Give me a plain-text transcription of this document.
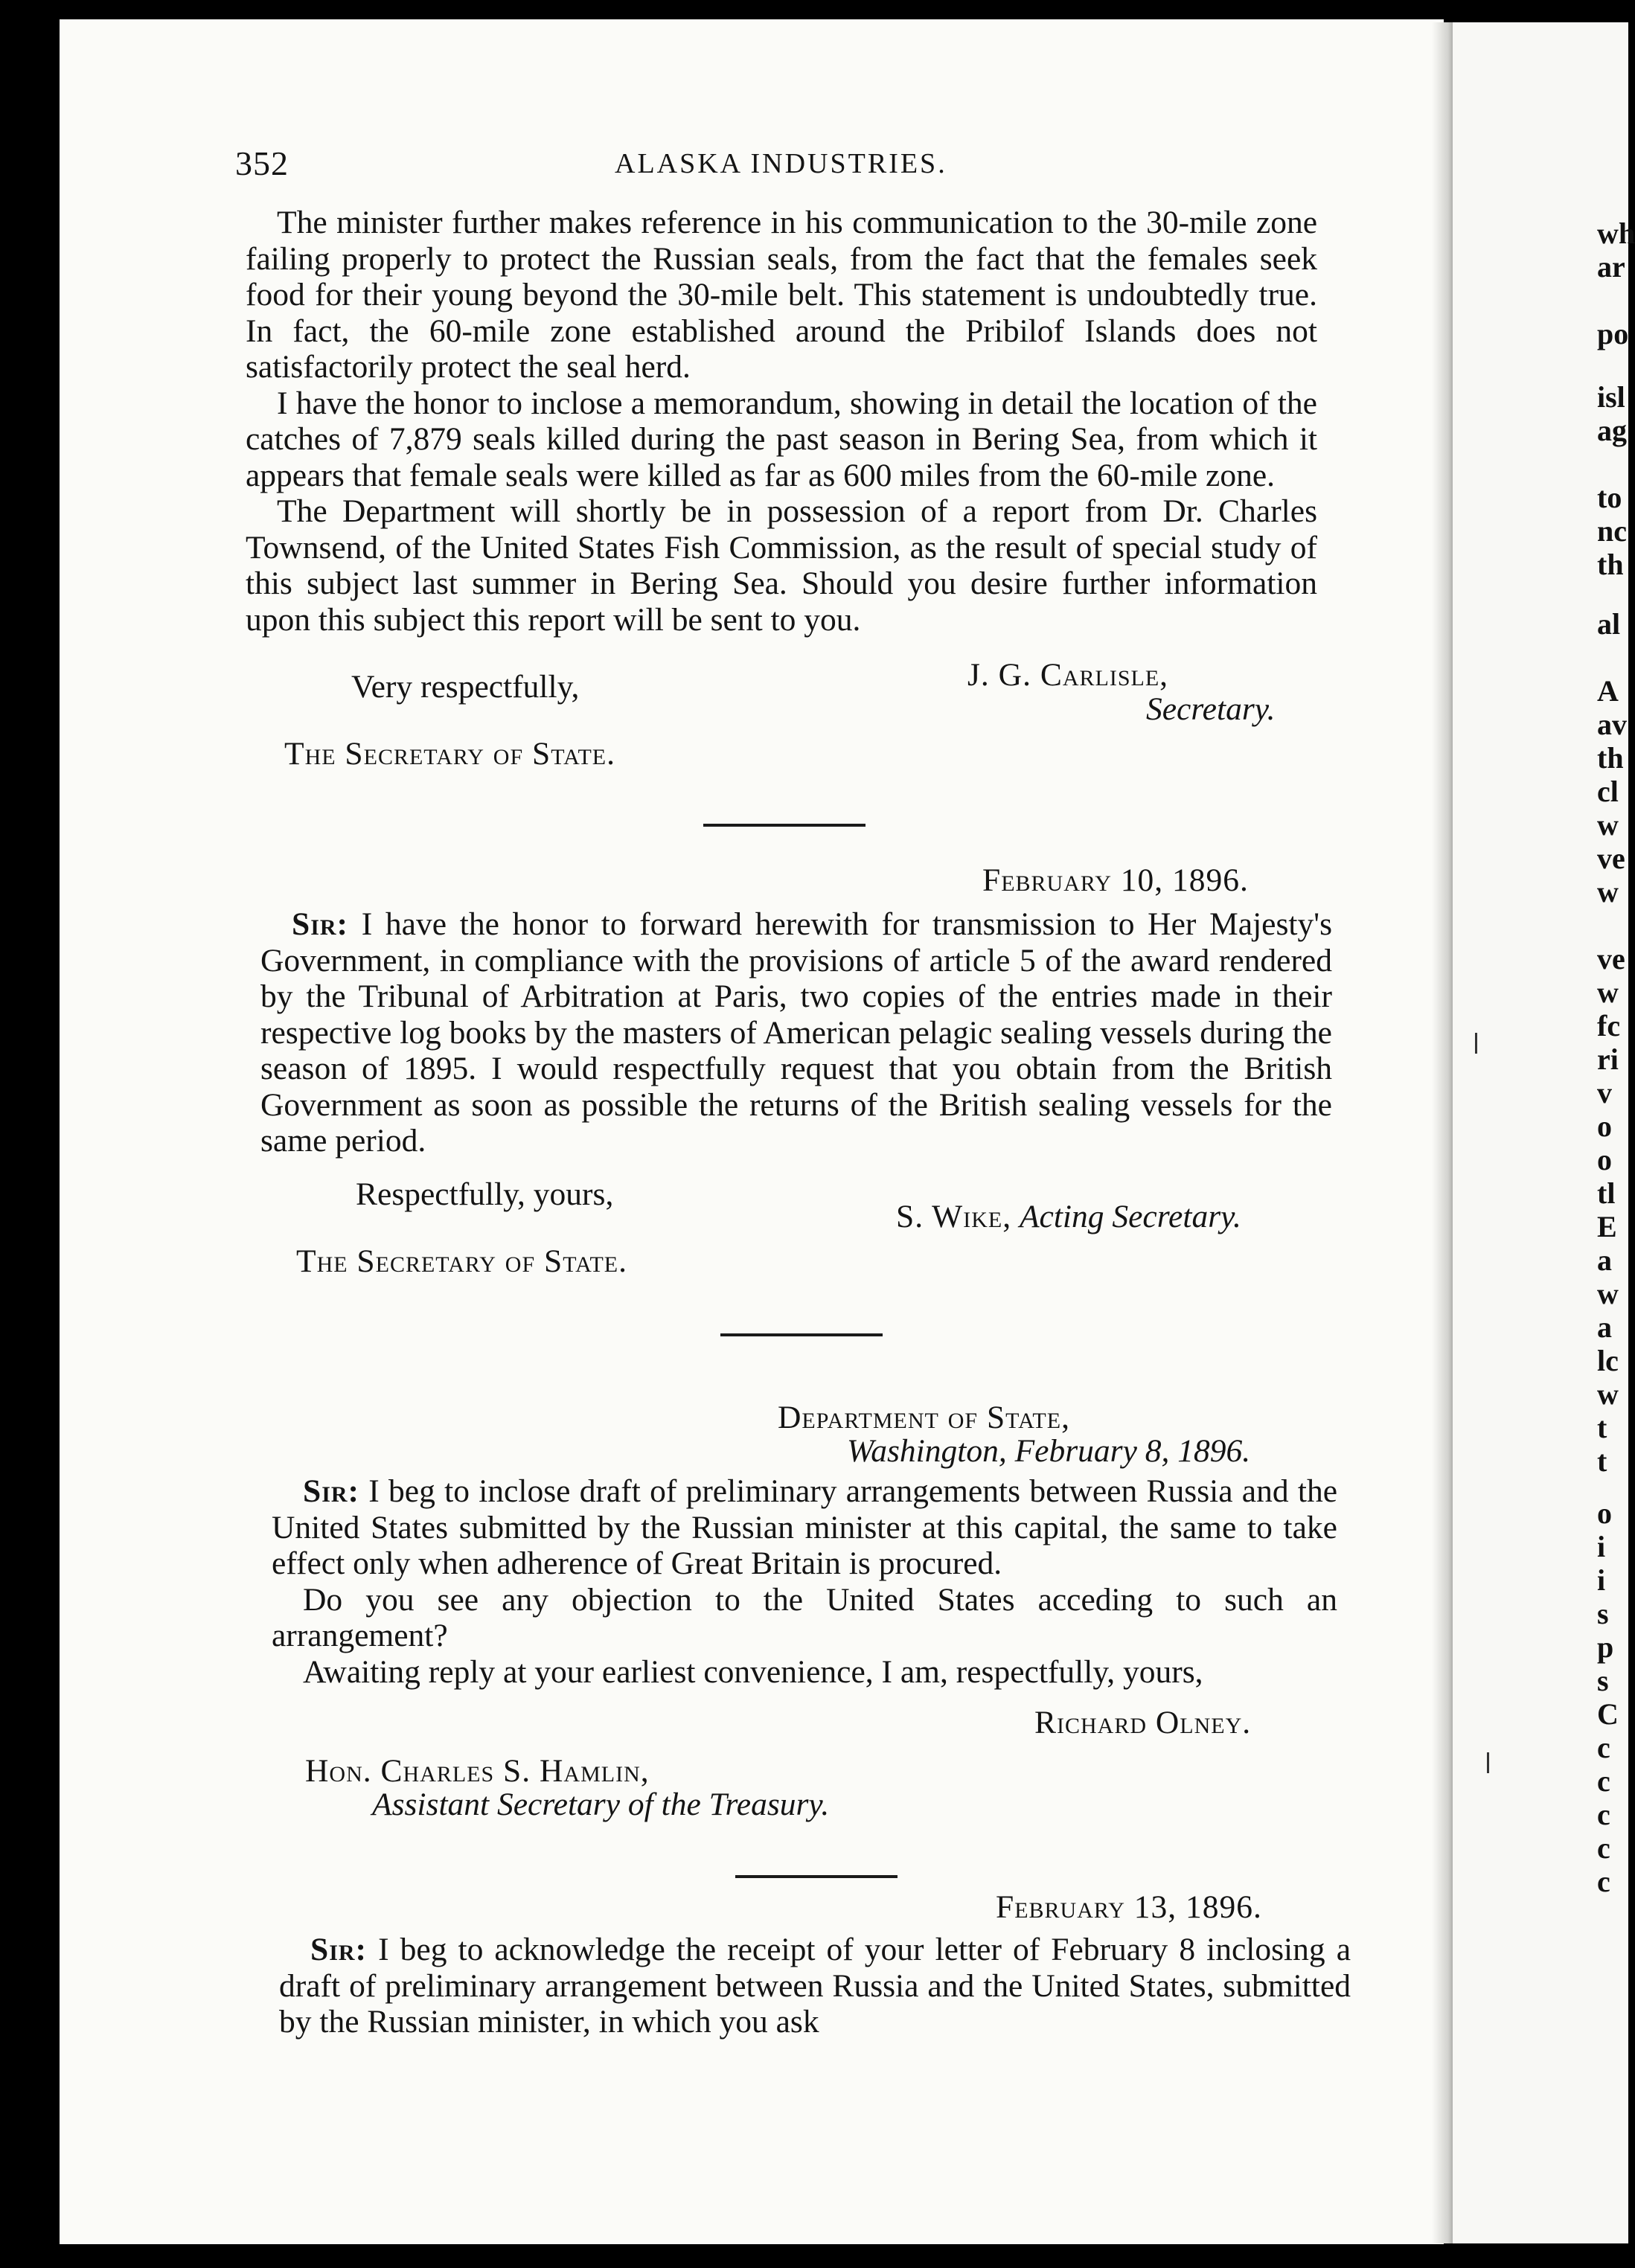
352	ALASKA INDUSTRIES.

The minister further makes reference in his communication to the 30-mile zone failing properly to protect the Russian seals, from the fact that the females seek food for their young beyond the 30-mile belt. This statement is undoubtedly true. In fact, the 60-mile zone established around the Pribilof Islands does not satisfactorily protect the seal herd.

I have the honor to inclose a memorandum, showing in detail the location of the catches of 7,879 seals killed during the past season in Bering Sea, from which it appears that female seals were killed as far as 600 miles from the 60-mile zone.

The Department will shortly be in possession of a report from Dr. Charles Townsend, of the United States Fish Commission, as the result of special study of this subject last summer in Bering Sea. Should you desire further information upon this subject this report will be sent to you.

Very respectfully,	J. G. Carlisle,
Secretary.
The Secretary of State.
February 10, 1896.

Sir: I have the honor to forward herewith for transmission to Her Majesty's Government, in compliance with the provisions of article 5 of the award rendered by the Tribunal of Arbitration at Paris, two copies of the entries made in their respective log books by the masters of American pelagic sealing vessels during the season of 1895. I would respectfully request that you obtain from the British Government as soon as possible the returns of the British sealing vessels for the same period.

Respectfully, yours,
S. Wike, Acting Secretary.
The Secretary of State.
Department of State,
Washington, February 8, 1896.

Sir: I beg to inclose draft of preliminary arrangements between Russia and the United States submitted by the Russian minister at this capital, the same to take effect only when adherence of Great Britain is procured.

Do you see any objection to the United States acceding to such an arrangement?

Awaiting reply at your earliest convenience, I am, respectfully, yours,

Richard Olney.
Hon. Charles S. Hamlin,
Assistant Secretary of the Treasury.
February 13, 1896.

Sir: I beg to acknowledge the receipt of your letter of February 8 inclosing a draft of preliminary arrangement between Russia and the United States, submitted by the Russian minister, in which you ask

wh
ar
po
isl
ag
to
nc
th
al
A
av
th
cl
w
ve
w
ve
w
fc
ri
v
o
o
tl
E
a
w
a
lc
w
t
t
o
i
i
s
p
s
C
c
c
c
c
c
